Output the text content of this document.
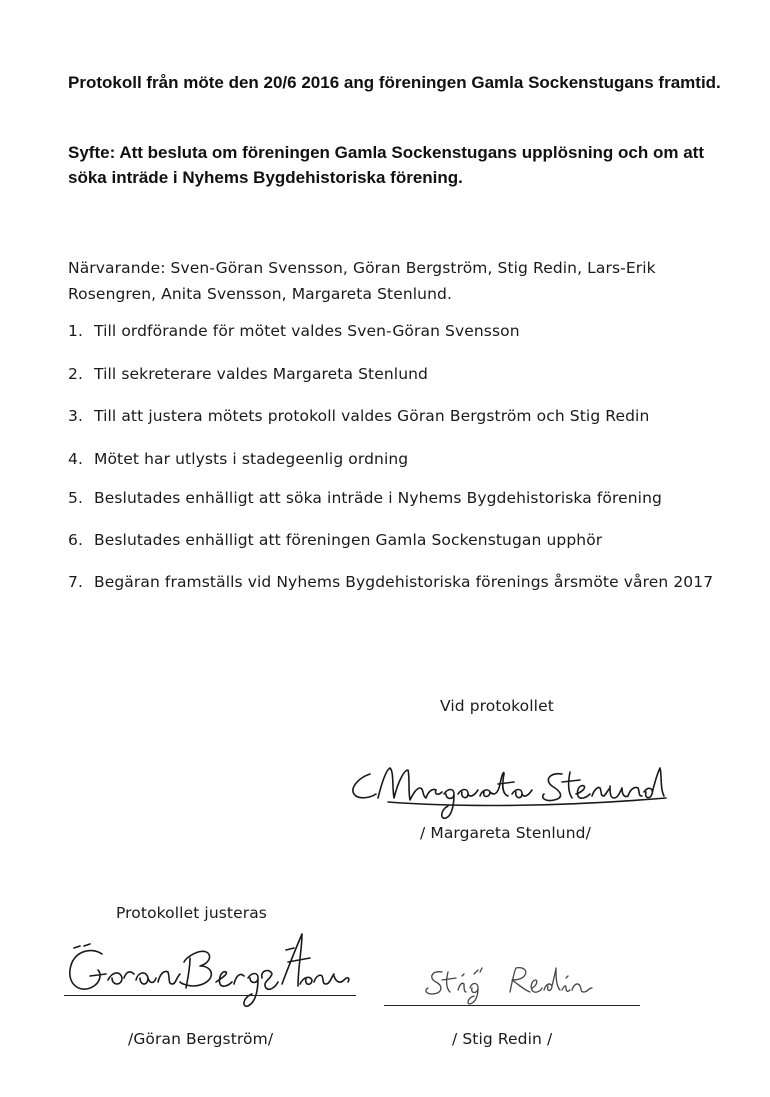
Protokoll från möte den 20/6 2016 ang föreningen Gamla Sockenstugans framtid.
Syfte: Att besluta om föreningen Gamla Sockenstugans upplösning och om att söka inträde i Nyhems Bygdehistoriska förening.
Närvarande: Sven-Göran Svensson, Göran Bergström, Stig Redin, Lars-Erik Rosengren, Anita Svensson, Margareta Stenlund.
1. Till ordförande för mötet valdes Sven-Göran Svensson
2. Till sekreterare valdes Margareta Stenlund
3. Till att justera mötets protokoll valdes Göran Bergström och Stig Redin
4. Mötet har utlysts i stadegeenlig ordning
5. Beslutades enhälligt att söka inträde i Nyhems Bygdehistoriska förening
6. Beslutades enhälligt att föreningen Gamla Sockenstugan upphör
7. Begäran framställs vid Nyhems Bygdehistoriska förenings årsmöte våren 2017
Vid protokollet
/ Margareta Stenlund/
Protokollet justeras
/Göran Bergström/	/ Stig Redin /
